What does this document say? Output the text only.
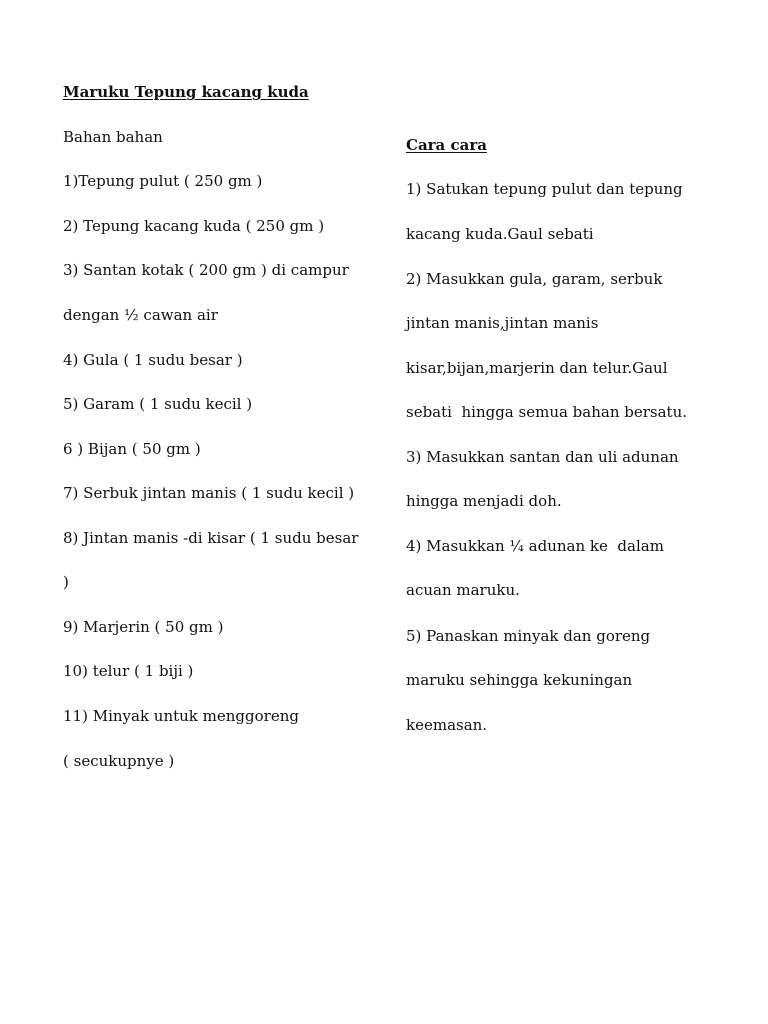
Maruku Tepung kacang kuda

Bahan bahan

1)Tepung pulut ( 250 gm )

2) Tepung kacang kuda ( 250 gm )

3) Santan kotak ( 200 gm ) di campur

dengan ½ cawan air

4) Gula ( 1 sudu besar )

5) Garam ( 1 sudu kecil )

6 ) Bijan ( 50 gm )

7) Serbuk jintan manis ( 1 sudu kecil )

8) Jintan manis -di kisar ( 1 sudu besar

)

9) Marjerin ( 50 gm )

10) telur ( 1 biji )

11) Minyak untuk menggoreng

( secukupnye )

Cara cara

1) Satukan tepung pulut dan tepung

kacang kuda.Gaul sebati

2) Masukkan gula, garam, serbuk

jintan manis,jintan manis

kisar,bijan,marjerin dan telur.Gaul

sebati  hingga semua bahan bersatu.

3) Masukkan santan dan uli adunan

hingga menjadi doh.

4) Masukkan ¼ adunan ke  dalam

acuan maruku.

5) Panaskan minyak dan goreng

maruku sehingga kekuningan

keemasan.
